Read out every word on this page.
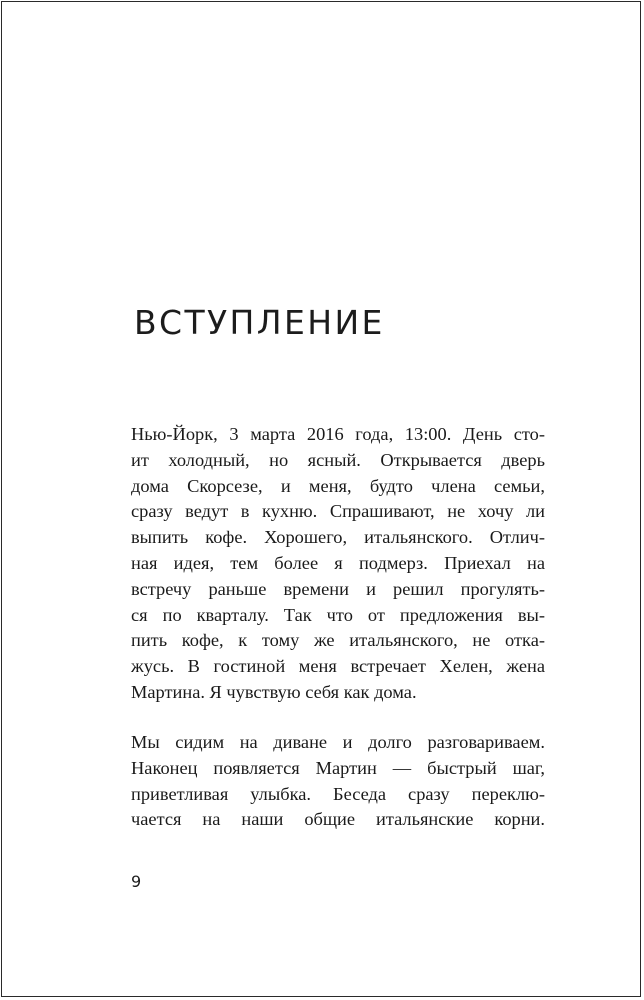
ВСТУПЛЕНИЕ
Нью-Йорк, 3 марта 2016 года, 13:00. День сто-
ит холодный, но ясный. Открывается дверь
дома Скорсезе, и меня, будто члена семьи,
сразу ведут в кухню. Спрашивают, не хочу ли
выпить кофе. Хорошего, итальянского. Отлич-
ная идея, тем более я подмерз. Приехал на
встречу раньше времени и решил прогулять-
ся по кварталу. Так что от предложения вы-
пить кофе, к тому же итальянского, не отка-
жусь. В гостиной меня встречает Хелен, жена
Мартина. Я чувствую себя как дома.
Мы сидим на диване и долго разговариваем.
Наконец появляется Мартин — быстрый шаг,
приветливая улыбка. Беседа сразу переклю-
чается на наши общие итальянские корни.
9
